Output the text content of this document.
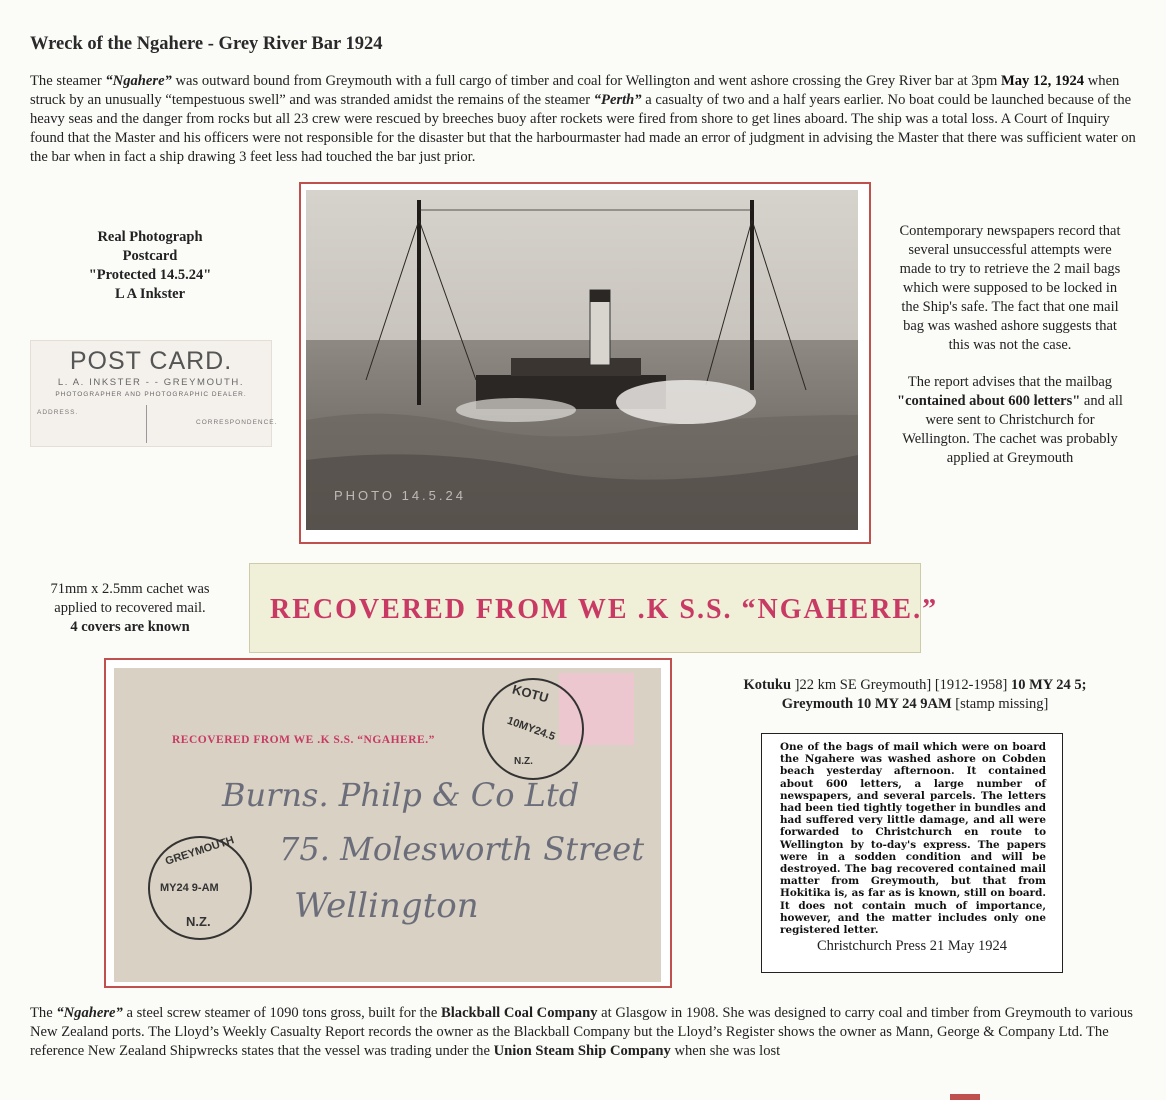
Wreck of the Ngahere - Grey River Bar 1924
The steamer “Ngahere” was outward bound from Greymouth with a full cargo of timber and coal for Wellington and went ashore crossing the Grey River bar at 3pm May 12, 1924 when struck by an unusually “tempestuous swell” and was stranded amidst the remains of the steamer “Perth” a casualty of two and a half years earlier. No boat could be launched because of the heavy seas and the danger from rocks but all 23 crew were rescued by breeches buoy after rockets were fired from shore to get lines aboard. The ship was a total loss. A Court of Inquiry found that the Master and his officers were not responsible for the disaster but that the harbourmaster had made an error of judgment in advising the Master that there was sufficient water on the bar when in fact a ship drawing 3 feet less had touched the bar just prior.
Real Photograph
Postcard
"Protected 14.5.24"
L A Inkster
POST CARD.
L. A. INKSTER - - GREYMOUTH.
PHOTOGRAPHER AND PHOTOGRAPHIC DEALER.
ADDRESS.
CORRESPONDENCE.
PHOTO 14.5.24

Contemporary newspapers record that several unsuccessful attempts were made to try to retrieve the 2 mail bags which were supposed to be locked in the Ship's safe. The fact that one mail bag was washed ashore suggests that this was not the case.

The report advises that the mailbag "contained about 600 letters" and all were sent to Christchurch for Wellington. The cachet was probably applied at Greymouth

71mm x 2.5mm cachet was
applied to recovered mail.
4 covers are known
RECOVERED FROM WE .K S.S. “NGAHERE.”
RECOVERED FROM WE .K S.S. “NGAHERE.”
Burns. Philp & Co Ltd
75. Molesworth Street
Wellington
KOTU
10MY24.5
N.Z.
GREYMOUTH
MY24 9-AM
N.Z.
Kotuku ]22 km SE Greymouth] [1912-1958] 10 MY 24 5;
Greymouth 10 MY 24 9AM [stamp missing]
One of the bags of mail which were on board the Ngahere was washed ashore on Cobden beach yesterday afternoon. It contained about 600 letters, a large number of newspapers, and several parcels. The letters had been tied tightly together in bundles and had suffered very little damage, and all were forwarded to Christchurch en route to Wellington by to-day's express. The papers were in a sodden condition and will be destroyed. The bag recovered contained mail matter from Greymouth, but that from Hokitika is, as far as is known, still on board. It does not contain much of importance, however, and the matter includes only one registered letter.
Christchurch Press 21 May 1924
The “Ngahere” a steel screw steamer of 1090 tons gross, built for the Blackball Coal Company at Glasgow in 1908. She was designed to carry coal and timber from Greymouth to various New Zealand ports. The Lloyd’s Weekly Casualty Report records the owner as the Blackball Company but the Lloyd’s Register shows the owner as Mann, George & Company Ltd. The reference New Zealand Shipwrecks states that the vessel was trading under the Union Steam Ship Company when she was lost
